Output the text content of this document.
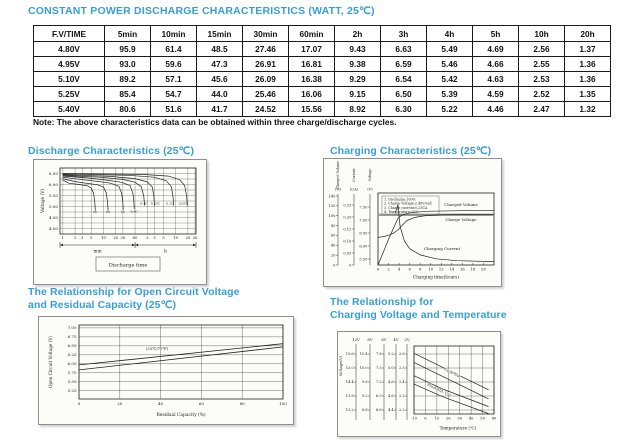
CONSTANT POWER DISCHARGE CHARACTERISTICS (WATT, 25℃)
F.V/TIME	5min	10min	15min	30min	60min	2h	3h	4h	5h	10h	20h
4.80V	95.9	61.4	48.5	27.46	17.07	9.43	6.63	5.49	4.69	2.56	1.37
4.95V	93.0	59.6	47.3	26.91	16.81	9.38	6.59	5.46	4.66	2.55	1.36
5.10V	89.2	57.1	45.6	26.09	16.38	9.29	6.54	5.42	4.63	2.53	1.36
5.25V	85.4	54.7	44.0	25.46	16.06	9.15	6.50	5.39	4.59	2.52	1.35
5.40V	80.6	51.6	41.7	24.52	15.56	8.92	6.30	5.22	4.46	2.47	1.32
Note: The above characteristics data can be obtained within three charge/discharge cycles.
Discharge Characteristics (25℃)
1	2 3 5 10 20 30 60 2 3 5 10 20 30
6.50
6.00
5.50
5.00
4.50
4.00
Voltage (V)	3C	2C	1C 0.6C
0.4C 0.25C 0.1C 0.05C
min	h
Discharge time
Charging Characteristics (25℃)
Charged Volume
(%)
140
120
100
80
60
40
20
0
Current
(CA)
0.25
0.20
0.15
0.10
0.05
0
Voltage
(V)
7.50
7.00
6.50
6.00
5.50
0 2 4 6 8 10 12 14 16 18 20
Charging time(hours)
1. Discharge:100%
2. Charge voltage:2.40V/cell
3. Charge current:0.25CA
4. Temperature:25℃
Charged Volume
Charge Voltage
Charging Current
The Relationship for Open Circuit Voltage
and Residual Capacity (25℃)
7.00
6.75
6.50
6.25
6.00
5.75
5.50
5.25
0	20	40	60	80	100
(25℃/77℉)
Residual Capacity (%)
Open Circuit Voltage (V)
The Relationship for
Charging Voltage and Temperature
Voltage(V)
12V
15.6
15.0
14.4
13.8
13.2
8V
10.4
10.0
9.6
9.2
8.8
6V
7.8
7.5
7.2
6.9
6.6
4V
5.2
5.0
4.8
4.6
4.4
2V
2.6
2.5
2.4
2.3
2.2
-10 0 10 20 30 40 50 60
Cycle Use
Float/Std. Use
Temperature (℃)
